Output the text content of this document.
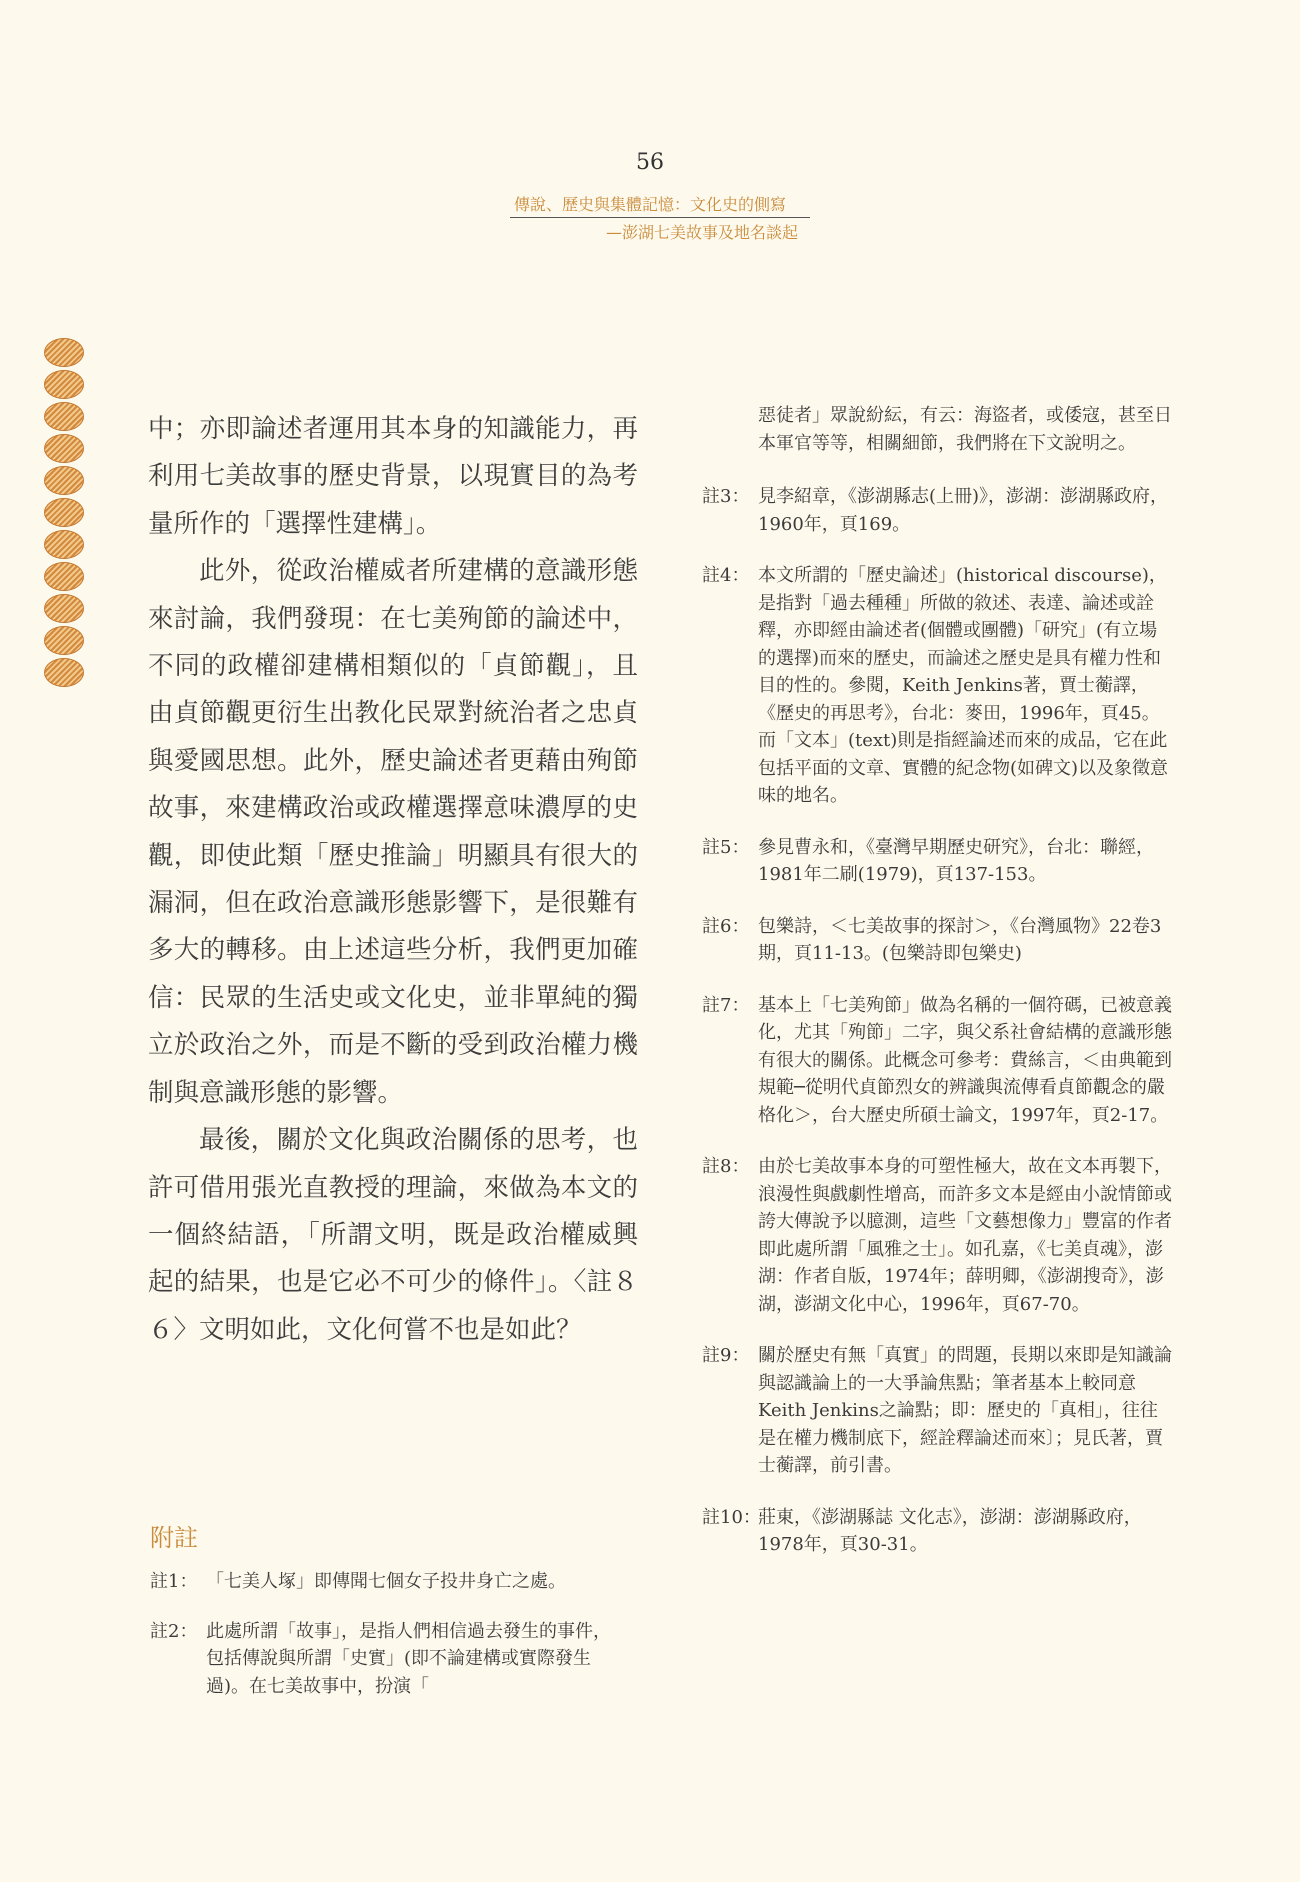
56
傳說、歷史與集體記憶：文化史的側寫
—澎湖七美故事及地名談起

中；亦即論述者運用其本身的知識能力，再利用七美故事的歷史背景，以現實目的為考量所作的「選擇性建構」。

此外，從政治權威者所建構的意識形態來討論，我們發現：在七美殉節的論述中，不同的政權卻建構相類似的「貞節觀」，且由貞節觀更衍生出教化民眾對統治者之忠貞與愛國思想。此外，歷史論述者更藉由殉節故事，來建構政治或政權選擇意味濃厚的史觀，即使此類「歷史推論」明顯具有很大的漏洞，但在政治意識形態影響下，是很難有多大的轉移。由上述這些分析，我們更加確信：民眾的生活史或文化史，並非單純的獨立於政治之外，而是不斷的受到政治權力機制與意識形態的影響。

最後，關於文化與政治關係的思考，也許可借用張光直教授的理論，來做為本文的一個終結語，「所謂文明，既是政治權威興起的結果，也是它必不可少的條件」。〈註８６〉文明如此，文化何嘗不也是如此？

附註
註1： 「七美人塚」即傳聞七個女子投井身亡之處。
註2： 此處所謂「故事」，是指人們相信過去發生的事件，包括傳說與所謂「史實」(即不論建構或實際發生過)。在七美故事中，扮演「
惡徒者」眾說紛紜，有云：海盜者，或倭寇，甚至日本軍官等等，相關細節，我們將在下文說明之。
註3： 見李紹章，《澎湖縣志(上冊)》，澎湖：澎湖縣政府，1960年，頁169。
註4： 本文所謂的「歷史論述」(historical discourse)，是指對「過去種種」所做的敘述、表達、論述或詮釋，亦即經由論述者(個體或團體)「研究」(有立場的選擇)而來的歷史，而論述之歷史是具有權力性和目的性的。參閱，Keith Jenkins著，賈士蘅譯，《歷史的再思考》，台北：麥田，1996年，頁45。而「文本」(text)則是指經論述而來的成品，它在此包括平面的文章、實體的紀念物(如碑文)以及象徵意味的地名。
註5： 參見曹永和，《臺灣早期歷史研究》，台北：聯經，1981年二刷(1979)，頁137-153。
註6： 包樂詩，＜七美故事的探討＞，《台灣風物》22卷3期，頁11-13。(包樂詩即包樂史)
註7： 基本上「七美殉節」做為名稱的一個符碼，已被意義化，尤其「殉節」二字，與父系社會結構的意識形態有很大的關係。此概念可參考：費絲言，＜由典範到規範─從明代貞節烈女的辨識與流傳看貞節觀念的嚴格化＞，台大歷史所碩士論文，1997年，頁2-17。
註8： 由於七美故事本身的可塑性極大，故在文本再製下，浪漫性與戲劇性增高，而許多文本是經由小說情節或誇大傳說予以臆測，這些「文藝想像力」豐富的作者即此處所謂「風雅之士」。如孔嘉，《七美貞魂》，澎湖：作者自版，1974年；薛明卿，《澎湖搜奇》，澎湖，澎湖文化中心，1996年，頁67-70。
註9： 關於歷史有無「真實」的問題，長期以來即是知識論與認識論上的一大爭論焦點；筆者基本上較同意Keith Jenkins之論點；即：歷史的「真相」，往往是在權力機制底下，經詮釋論述而來〕；見氏著，賈士蘅譯，前引書。
註10：
莊東，《澎湖縣誌 文化志》，澎湖：澎湖縣政府，1978年，頁30-31。
